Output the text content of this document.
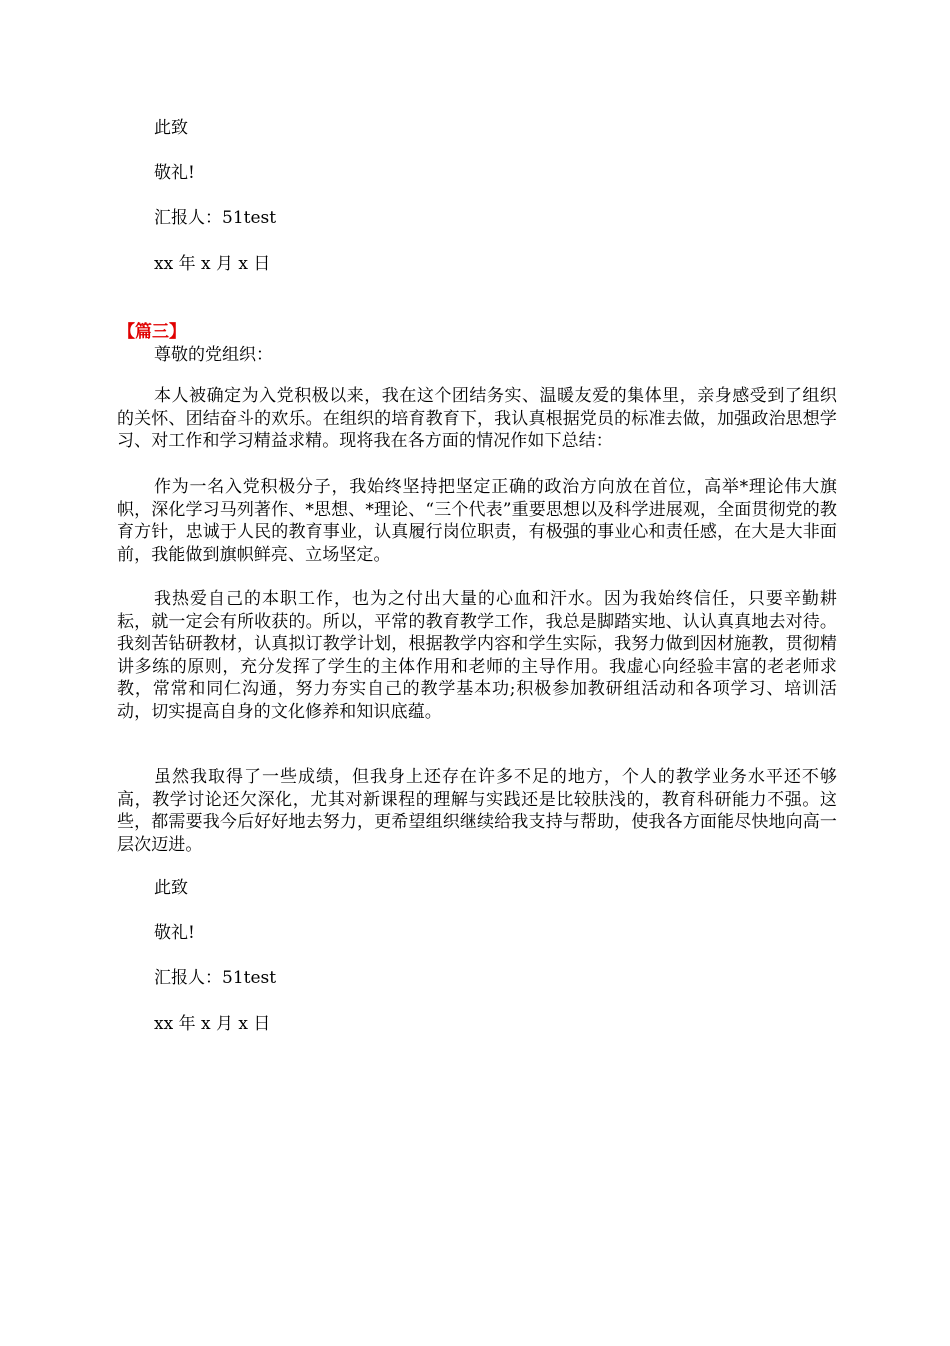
此致
敬礼!
汇报人：51test
xx 年 x 月 x 日
【篇三】
尊敬的党组织：
本人被确定为入党积极以来，我在这个团结务实、温暖友爱的集体里，亲身感受到了组织的关怀、团结奋斗的欢乐。在组织的培育教育下，我认真根据党员的标准去做，加强政治思想学习、对工作和学习精益求精。现将我在各方面的情况作如下总结：
作为一名入党积极分子，我始终坚持把坚定正确的政治方向放在首位，高举*理论伟大旗帜，深化学习马列著作、*思想、*理论、“三个代表”重要思想以及科学进展观，全面贯彻党的教育方针，忠诚于人民的教育事业，认真履行岗位职责，有极强的事业心和责任感，在大是大非面前，我能做到旗帜鲜亮、立场坚定。
我热爱自己的本职工作，也为之付出大量的心血和汗水。因为我始终信任，只要辛勤耕耘，就一定会有所收获的。所以，平常的教育教学工作，我总是脚踏实地、认认真真地去对待。我刻苦钻研教材，认真拟订教学计划，根据教学内容和学生实际，我努力做到因材施教，贯彻精讲多练的原则，充分发挥了学生的主体作用和老师的主导作用。我虚心向经验丰富的老老师求教，常常和同仁沟通，努力夯实自己的教学基本功;积极参加教研组活动和各项学习、培训活动，切实提高自身的文化修养和知识底蕴。
虽然我取得了一些成绩，但我身上还存在许多不足的地方，个人的教学业务水平还不够高，教学讨论还欠深化，尤其对新课程的理解与实践还是比较肤浅的，教育科研能力不强。这些，都需要我今后好好地去努力，更希望组织继续给我支持与帮助，使我各方面能尽快地向高一层次迈进。
此致
敬礼!
汇报人：51test
xx 年 x 月 x 日
